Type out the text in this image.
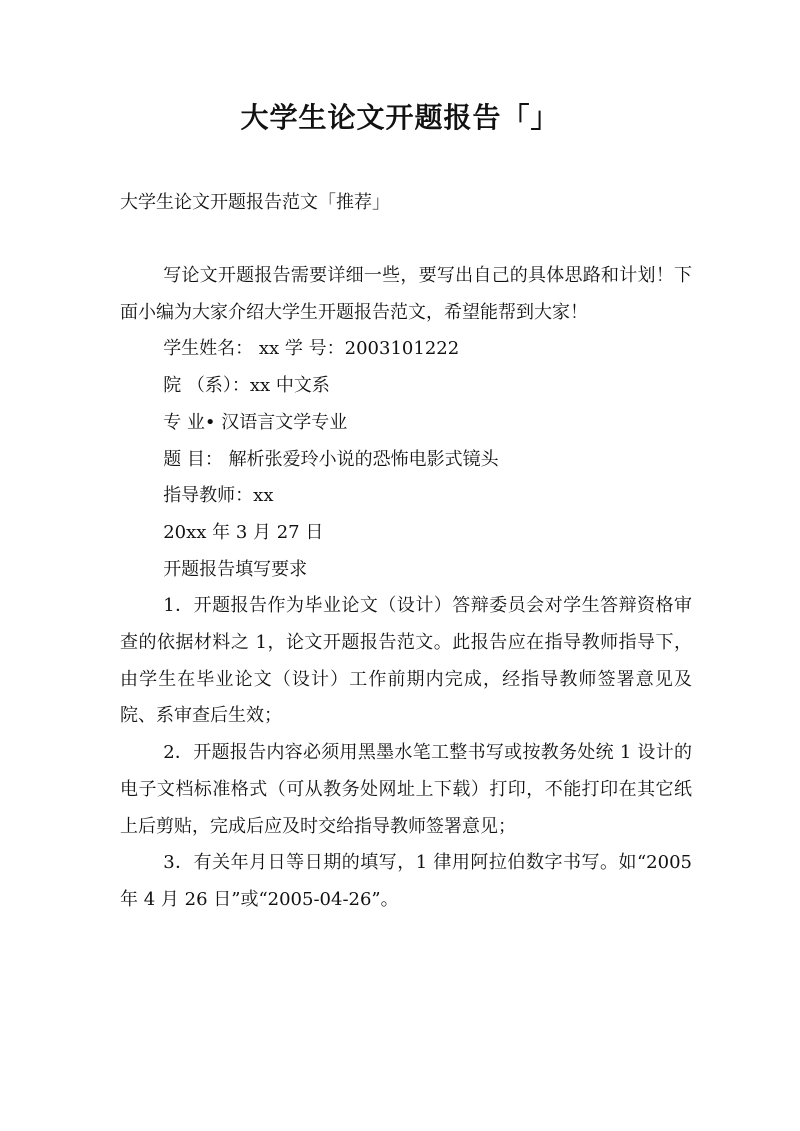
大学生论文开题报告「」
大学生论文开题报告范文「推荐」

写论文开题报告需要详细一些，要写出自己的具体思路和计划！下面小编为大家介绍大学生开题报告范文，希望能帮到大家！

学生姓名： xx 学 号：2003101222

院 （系）：xx 中文系

专 业• 汉语言文学专业

题 目： 解析张爱玲小说的恐怖电影式镜头

指导教师：xx

20xx 年 3 月 27 日

开题报告填写要求

1．开题报告作为毕业论文（设计）答辩委员会对学生答辩资格审查的依据材料之 1，论文开题报告范文。此报告应在指导教师指导下，由学生在毕业论文（设计）工作前期内完成，经指导教师签署意见及院、系审查后生效；

2．开题报告内容必须用黑墨水笔工整书写或按教务处统 1 设计的电子文档标准格式（可从教务处网址上下载）打印，不能打印在其它纸上后剪贴，完成后应及时交给指导教师签署意见；

3．有关年月日等日期的填写，1 律用阿拉伯数字书写。如“2005 年 4 月 26 日”或“2005-04-26”。
